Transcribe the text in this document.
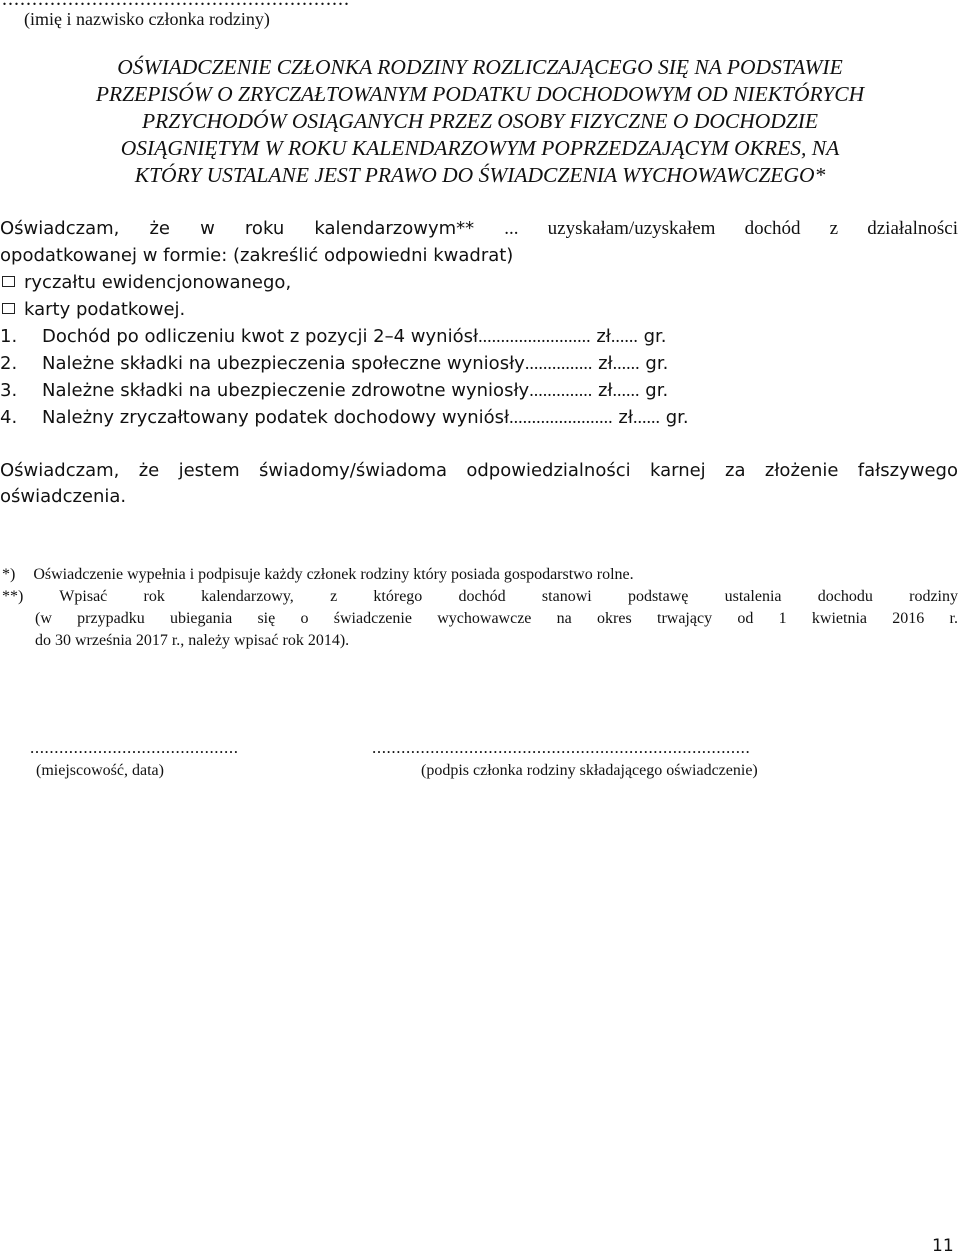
(imię i nazwisko członka rodziny)
OŚWIADCZENIE CZŁONKA RODZINY ROZLICZAJĄCEGO SIĘ NA PODSTAWIE
PRZEPISÓW O ZRYCZAŁTOWANYM PODATKU DOCHODOWYM OD NIEKTÓRYCH
PRZYCHODÓW OSIĄGANYCH PRZEZ OSOBY FIZYCZNE O DOCHODZIE
OSIĄGNIĘTYM W ROKU KALENDARZOWYM POPRZEDZAJĄCYM OKRES, NA
KTÓRY USTALANE JEST PRAWO DO ŚWIADCZENIA WYCHOWAWCZEGO*
Oświadczam, że w roku kalendarzowym** ... uzyskałam/uzyskałem dochód z działalności
opodatkowanej w formie: (zakreślić odpowiedni kwadrat)
ryczałtu ewidencjonowanego,
karty podatkowej.
1. Dochód po odliczeniu kwot z pozycji 2–4 wyniósł......................... zł...... gr.
2. Należne składki na ubezpieczenia społeczne wyniosły............... zł...... gr.
3. Należne składki na ubezpieczenie zdrowotne wyniosły.............. zł...... gr.
4. Należny zryczałtowany podatek dochodowy wyniósł....................... zł...... gr.
Oświadczam, że jestem świadomy/świadoma odpowiedzialności karnej za złożenie fałszywego
oświadczenia.
*) Oświadczenie wypełnia i podpisuje każdy członek rodziny który posiada gospodarstwo rolne.
**) Wpisać rok kalendarzowy, z którego dochód stanowi podstawę ustalenia dochodu rodziny
(w przypadku ubiegania się o świadczenie wychowawcze na okres trwający od 1 kwietnia 2016 r.
do 30 września 2017 r., należy wpisać rok 2014).
...........................................	..............................................................................
(miejscowość, data)	(podpis członka rodziny składającego oświadczenie)
11
